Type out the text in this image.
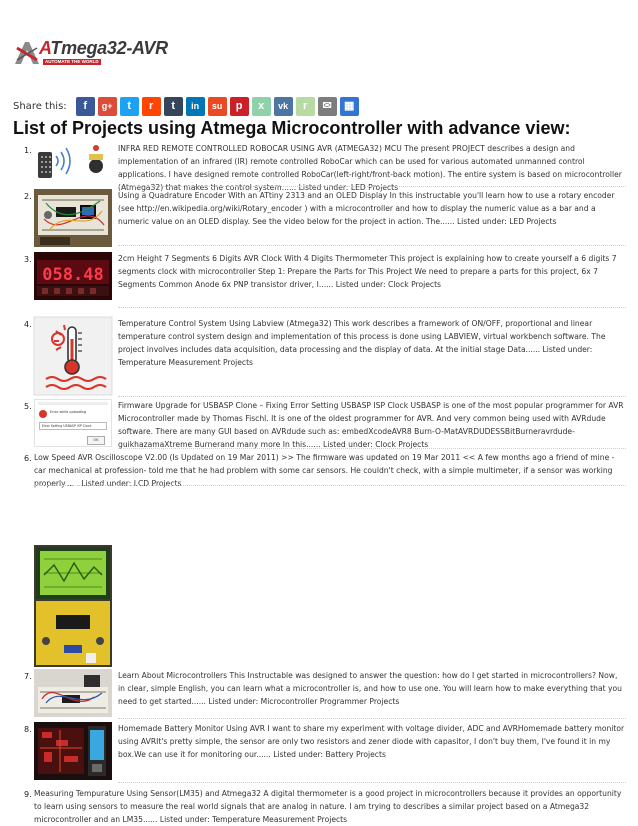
ATmega32-AVR
AUTOMATE THE WORLD
Share this:	f	g+	t	r	t	in	su	p	x	vk	r	✉	▦
List of Projects using Atmega Microcontroller with advance view:
1.	INFRA RED REMOTE CONTROLLED ROBOCAR USING AVR (ATMEGA32) MCU The present PROJECT describes a design and implementation of an infrared (IR) remote controlled RoboCar which can be used for various automated unmanned control applications. I have designed remote controlled RoboCar(left-right/front-back motion). The entire system is based on microcontroller (Atmega32) that makes the control system...... Listed under: LED Projects
2.	Using a Quadrature Encoder With an ATtiny 2313 and an OLED Display In this instructable you'll learn how to use a rotary encoder (see http://en.wikipedia.org/wiki/Rotary_encoder ) with a microcontroller and how to display the numeric value as a bar and a numeric value on an OLED display. See the video below for the project in action. The...... Listed under: LED Projects
3.
058.48
2cm Height 7 Segments 6 Digits AVR Clock With 4 Digits Thermometer This project is explaining how to create yourself a 6 digits 7 segments clock with microcontroller Step 1: Prepare the Parts for This Project We need to prepare a parts for this project, 6x 7 Segments Common Anode 6x PNP transistor driver, I...... Listed under: Clock Projects
4.	Temperature Control System Using Labview (Atmega32) This work describes a framework of ON/OFF, proportional and linear temperature control system design and implementation of this process is done using LABVIEW, virtual workbench software. The project involves includes data acquisition, data processing and the display of data. At the initial stage Data...... Listed under: Temperature Measurement Projects
5.
Error while uploading
Error Setting USBASP ISP Clock
OK
Firmware Upgrade for USBASP Clone – Fixing Error Setting USBASP ISP Clock USBASP is one of the most popular programmer for AVR Microcontroller made by Thomas Fischl. It is one of the oldest programmer for AVR. And very common being used with AVRdude software. There are many GUI based on AVRdude such as: embedXcodeAVR8 Burn-O-MatAVRDUDESSBitBurneravrdude-guikhazamaXtreme Burnerand many more In this...... Listed under: Clock Projects
6. Low Speed AVR Oscilloscope V2.00 (Is Updated on 19 Mar 2011) >> The firmware was updated on 19 Mar 2011 << A few months ago a friend of mine -car mechanical at profession- told me that he had problem with some car sensors. He couldn't check, with a simple multimeter, if a sensor was working properly...... Listed under: LCD Projects
7.	Learn About Microcontrollers This Instructable was designed to answer the question: how do I get started in microcontrollers? Now, in clear, simple English, you can learn what a microcontroller is, and how to use one. You will learn how to make everything that you need to get started...... Listed under: Microcontroller Programmer Projects
8.	Homemade Battery Monitor Using AVR I want to share my experiment with voltage divider, ADC and AVRHomemade battery monitor using AVRIt's pretty simple, the sensor are only two resistors and zener diode with capasitor, I don't buy them, I've found it in my box.We can use it for monitoring our...... Listed under: Battery Projects
9. Measuring Tempurature Using Sensor(LM35) and Atmega32 A digital thermometer is a good project in microcontrollers because it provides an opportunity to learn using sensors to measure the real world signals that are analog in nature. I am trying to describes a similar project based on a Atmega32 microcontroller and an LM35...... Listed under: Temperature Measurement Projects
